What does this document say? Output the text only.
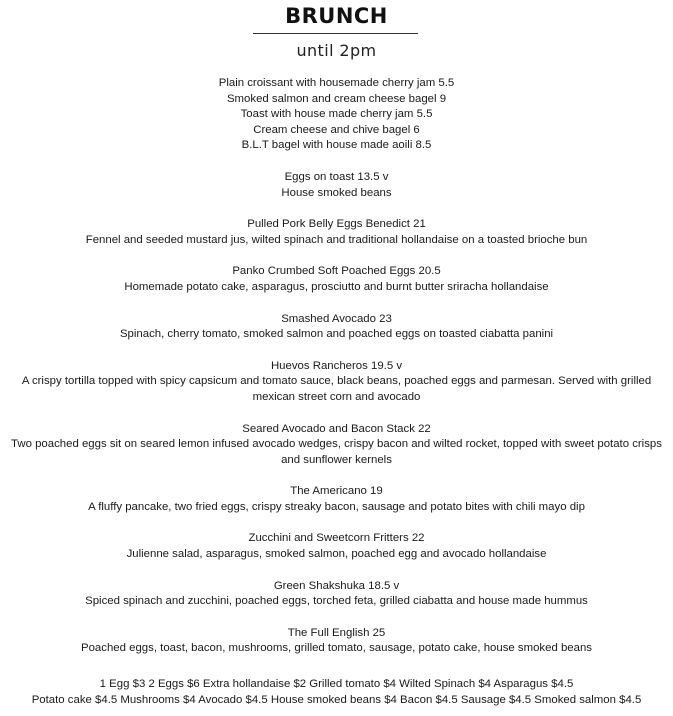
BRUNCH
until 2pm
Plain croissant with housemade cherry jam 5.5
Smoked salmon and cream cheese bagel 9
Toast with house made cherry jam 5.5
Cream cheese and chive bagel 6
B.L.T bagel with house made aoili 8.5
Eggs on toast 13.5 v
House smoked beans
Pulled Pork Belly Eggs Benedict 21
Fennel and seeded mustard jus, wilted spinach and traditional hollandaise on a toasted brioche bun
Panko Crumbed Soft Poached Eggs 20.5
Homemade potato cake, asparagus, prosciutto and burnt butter sriracha hollandaise
Smashed Avocado 23
Spinach, cherry tomato, smoked salmon and poached eggs on toasted ciabatta panini
Huevos Rancheros 19.5 v
A crispy tortilla topped with spicy capsicum and tomato sauce, black beans, poached eggs and parmesan. Served with grilled mexican street corn and avocado
Seared Avocado and Bacon Stack 22
Two poached eggs sit on seared lemon infused avocado wedges, crispy bacon and wilted rocket, topped with sweet potato crisps and sunflower kernels
The Americano 19
A fluffy pancake, two fried eggs, crispy streaky bacon, sausage and potato bites with chili mayo dip
Zucchini and Sweetcorn Fritters 22
Julienne salad, asparagus, smoked salmon, poached egg and avocado hollandaise
Green Shakshuka 18.5 v
Spiced spinach and zucchini, poached eggs, torched feta, grilled ciabatta and house made hummus
The Full English 25
Poached eggs, toast, bacon, mushrooms, grilled tomato, sausage, potato cake, house smoked beans
1 Egg $3 2 Eggs $6 Extra hollandaise $2 Grilled tomato $4 Wilted Spinach $4 Asparagus $4.5
Potato cake $4.5 Mushrooms $4 Avocado $4.5 House smoked beans $4 Bacon $4.5 Sausage $4.5 Smoked salmon $4.5
